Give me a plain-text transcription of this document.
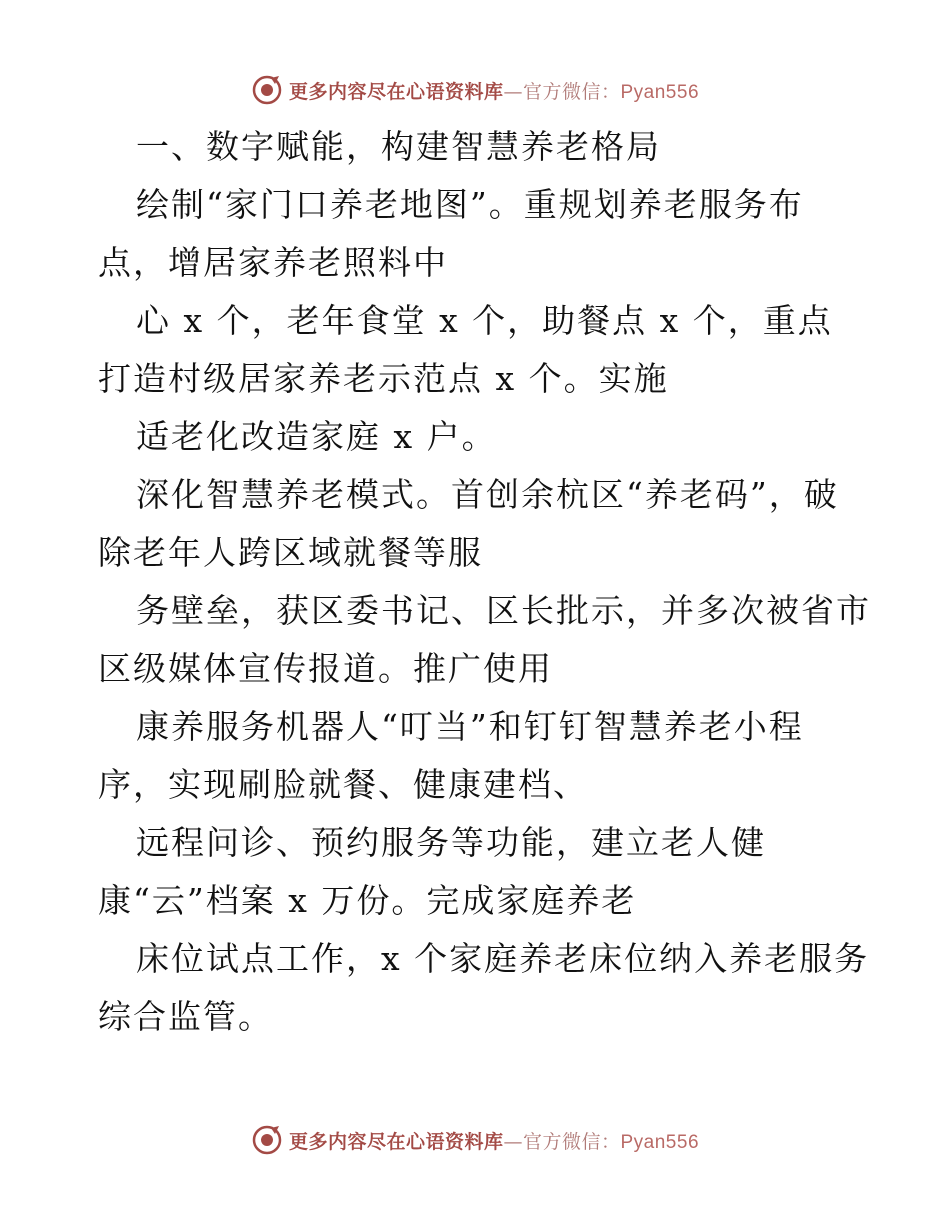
更多内容尽在心语资料库—官方微信：Pyan556
一、数字赋能，构建智慧养老格局
绘制“家门口养老地图”。重规划养老服务布
点，增居家养老照料中
心 x 个，老年食堂 x 个，助餐点 x 个，重点
打造村级居家养老示范点 x 个。实施
适老化改造家庭 x 户。
深化智慧养老模式。首创余杭区“养老码”，破
除老年人跨区域就餐等服
务壁垒，获区委书记、区长批示，并多次被省市
区级媒体宣传报道。推广使用
康养服务机器人“叮当”和钉钉智慧养老小程
序，实现刷脸就餐、健康建档、
远程问诊、预约服务等功能，建立老人健
康“云”档案 x 万份。完成家庭养老
床位试点工作，x 个家庭养老床位纳入养老服务
综合监管。
更多内容尽在心语资料库—官方微信：Pyan556
